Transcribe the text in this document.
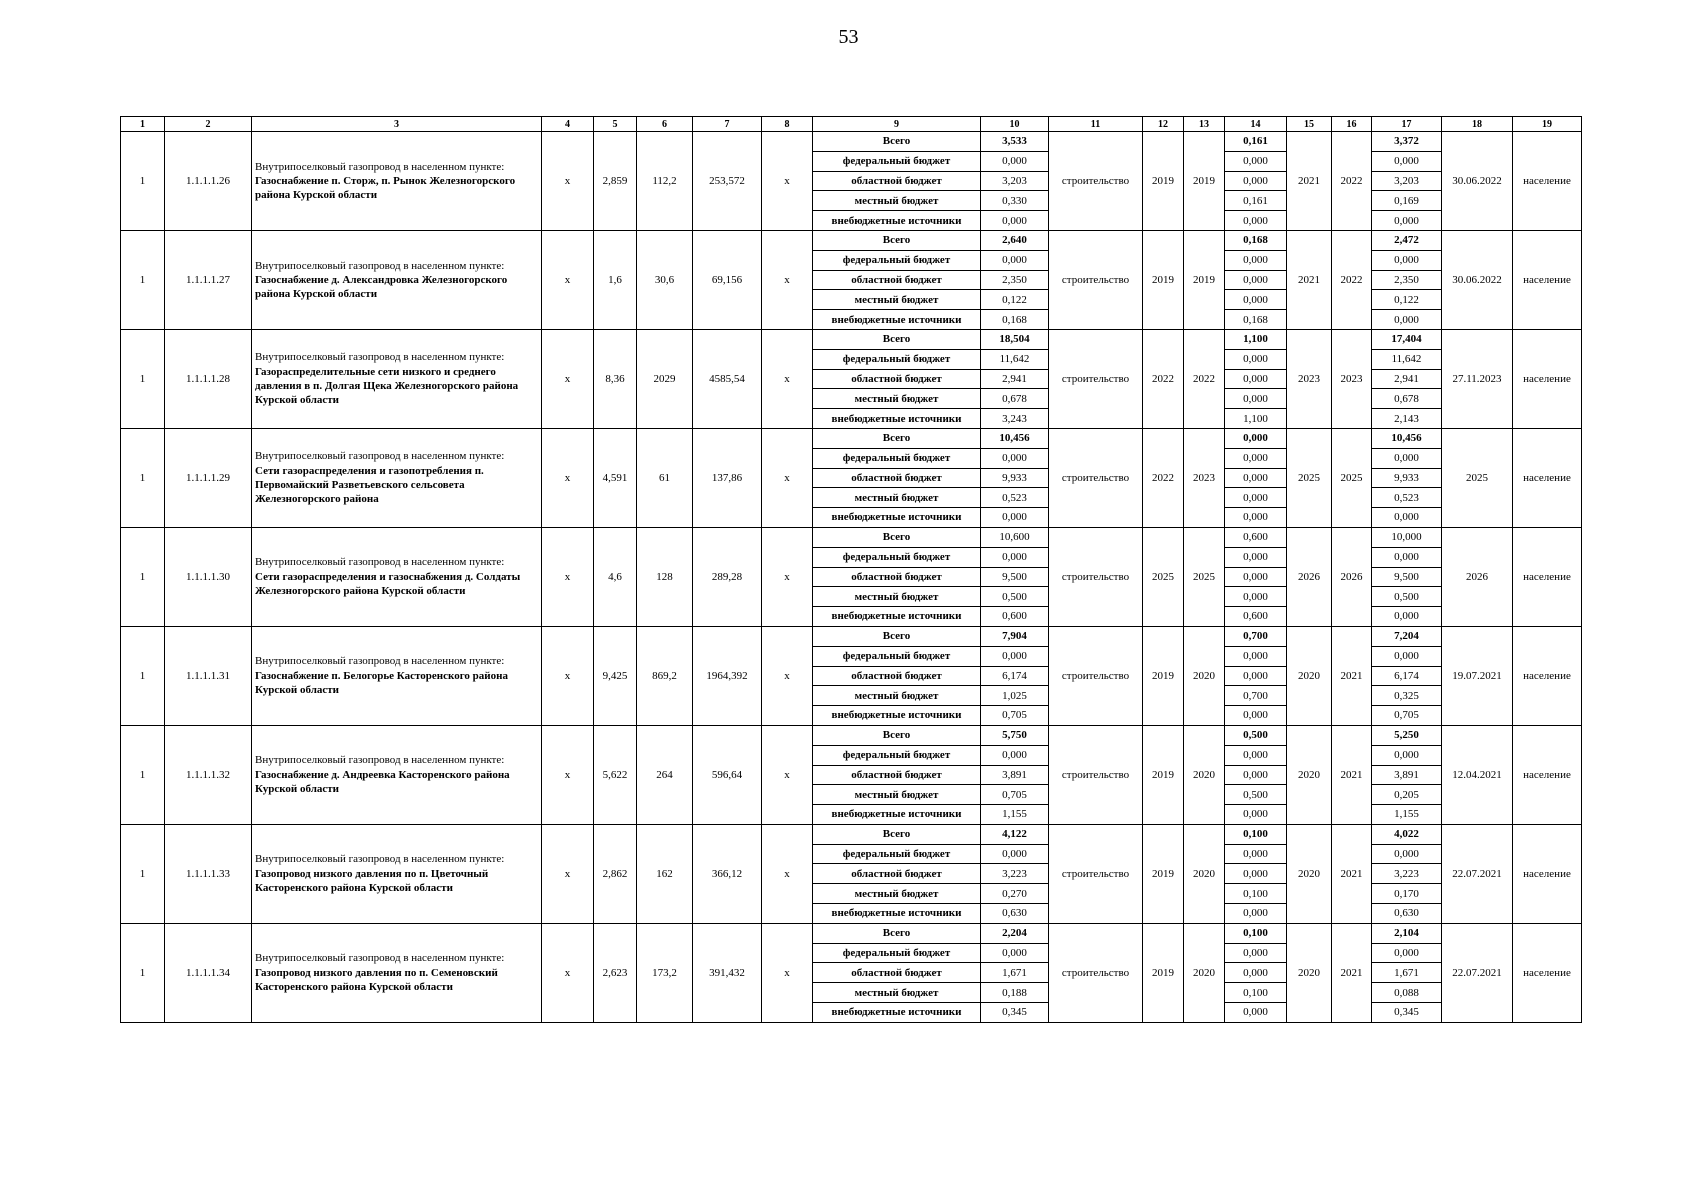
53
1	2	3	4	5	6	7	8	9	10	11	12	13	14	15	16	17	18	19
1	1.1.1.1.26	Внутрипоселковый газопровод в населенном пункте:
Газоснабжение п. Сторж, п. Рынок Железногорского района Курской области	x	2,859	112,2	253,572	x	Всего	3,533	строительство	2019	2019	0,161	2021	2022	3,372	30.06.2022	население
								федеральный бюджет	0,000				0,000			0,000		
								областной бюджет	3,203				0,000			3,203		
								местный бюджет	0,330				0,161			0,169		
								внебюджетные источники	0,000				0,000			0,000		
1	1.1.1.1.27	Внутрипоселковый газопровод в населенном пункте:
Газоснабжение д. Александровка Железногорского района Курской области	x	1,6	30,6	69,156	x	Всего	2,640	строительство	2019	2019	0,168	2021	2022	2,472	30.06.2022	население
								федеральный бюджет	0,000				0,000			0,000		
								областной бюджет	2,350				0,000			2,350		
								местный бюджет	0,122				0,000			0,122		
								внебюджетные источники	0,168				0,168			0,000		
1	1.1.1.1.28	Внутрипоселковый газопровод в населенном пункте:
Газораспределительные сети низкого и среднего давления в п. Долгая Щека Железногорского района Курской области	x	8,36	2029	4585,54	x	Всего	18,504	строительство	2022	2022	1,100	2023	2023	17,404	27.11.2023	население
								федеральный бюджет	11,642				0,000			11,642		
								областной бюджет	2,941				0,000			2,941		
								местный бюджет	0,678				0,000			0,678		
								внебюджетные источники	3,243				1,100			2,143		
1	1.1.1.1.29	Внутрипоселковый газопровод в населенном пункте:
Сети газораспределения и газопотребления п. Первомайский Разветьевского сельсовета Железногорского района	x	4,591	61	137,86	x	Всего	10,456	строительство	2022	2023	0,000	2025	2025	10,456	2025	население
								федеральный бюджет	0,000				0,000			0,000		
								областной бюджет	9,933				0,000			9,933		
								местный бюджет	0,523				0,000			0,523		
								внебюджетные источники	0,000				0,000			0,000		
1	1.1.1.1.30	Внутрипоселковый газопровод в населенном пункте:
Сети газораспределения и газоснабжения д. Солдаты Железногорского района Курской области	x	4,6	128	289,28	x	Всего	10,600	строительство	2025	2025	0,600	2026	2026	10,000	2026	население
								федеральный бюджет	0,000				0,000			0,000		
								областной бюджет	9,500				0,000			9,500		
								местный бюджет	0,500				0,000			0,500		
								внебюджетные источники	0,600				0,600			0,000		
1	1.1.1.1.31	Внутрипоселковый газопровод в населенном пункте:
Газоснабжение п. Белогорье Касторенского района Курской области	x	9,425	869,2	1964,392	x	Всего	7,904	строительство	2019	2020	0,700	2020	2021	7,204	19.07.2021	население
								федеральный бюджет	0,000				0,000			0,000		
								областной бюджет	6,174				0,000			6,174		
								местный бюджет	1,025				0,700			0,325		
								внебюджетные источники	0,705				0,000			0,705		
1	1.1.1.1.32	Внутрипоселковый газопровод в населенном пункте:
Газоснабжение д. Андреевка Касторенского района Курской области	x	5,622	264	596,64	x	Всего	5,750	строительство	2019	2020	0,500	2020	2021	5,250	12.04.2021	население
								федеральный бюджет	0,000				0,000			0,000		
								областной бюджет	3,891				0,000			3,891		
								местный бюджет	0,705				0,500			0,205		
								внебюджетные источники	1,155				0,000			1,155		
1	1.1.1.1.33	Внутрипоселковый газопровод в населенном пункте:
Газопровод низкого давления по п. Цветочный Касторенского района Курской области	x	2,862	162	366,12	x	Всего	4,122	строительство	2019	2020	0,100	2020	2021	4,022	22.07.2021	население
								федеральный бюджет	0,000				0,000			0,000		
								областной бюджет	3,223				0,000			3,223		
								местный бюджет	0,270				0,100			0,170		
								внебюджетные источники	0,630				0,000			0,630		
1	1.1.1.1.34	Внутрипоселковый газопровод в населенном пункте:
Газопровод низкого давления по п. Семеновский Касторенского района Курской области	x	2,623	173,2	391,432	x	Всего	2,204	строительство	2019	2020	0,100	2020	2021	2,104	22.07.2021	население
								федеральный бюджет	0,000				0,000			0,000		
								областной бюджет	1,671				0,000			1,671		
								местный бюджет	0,188				0,100			0,088		
								внебюджетные источники	0,345				0,000			0,345		
